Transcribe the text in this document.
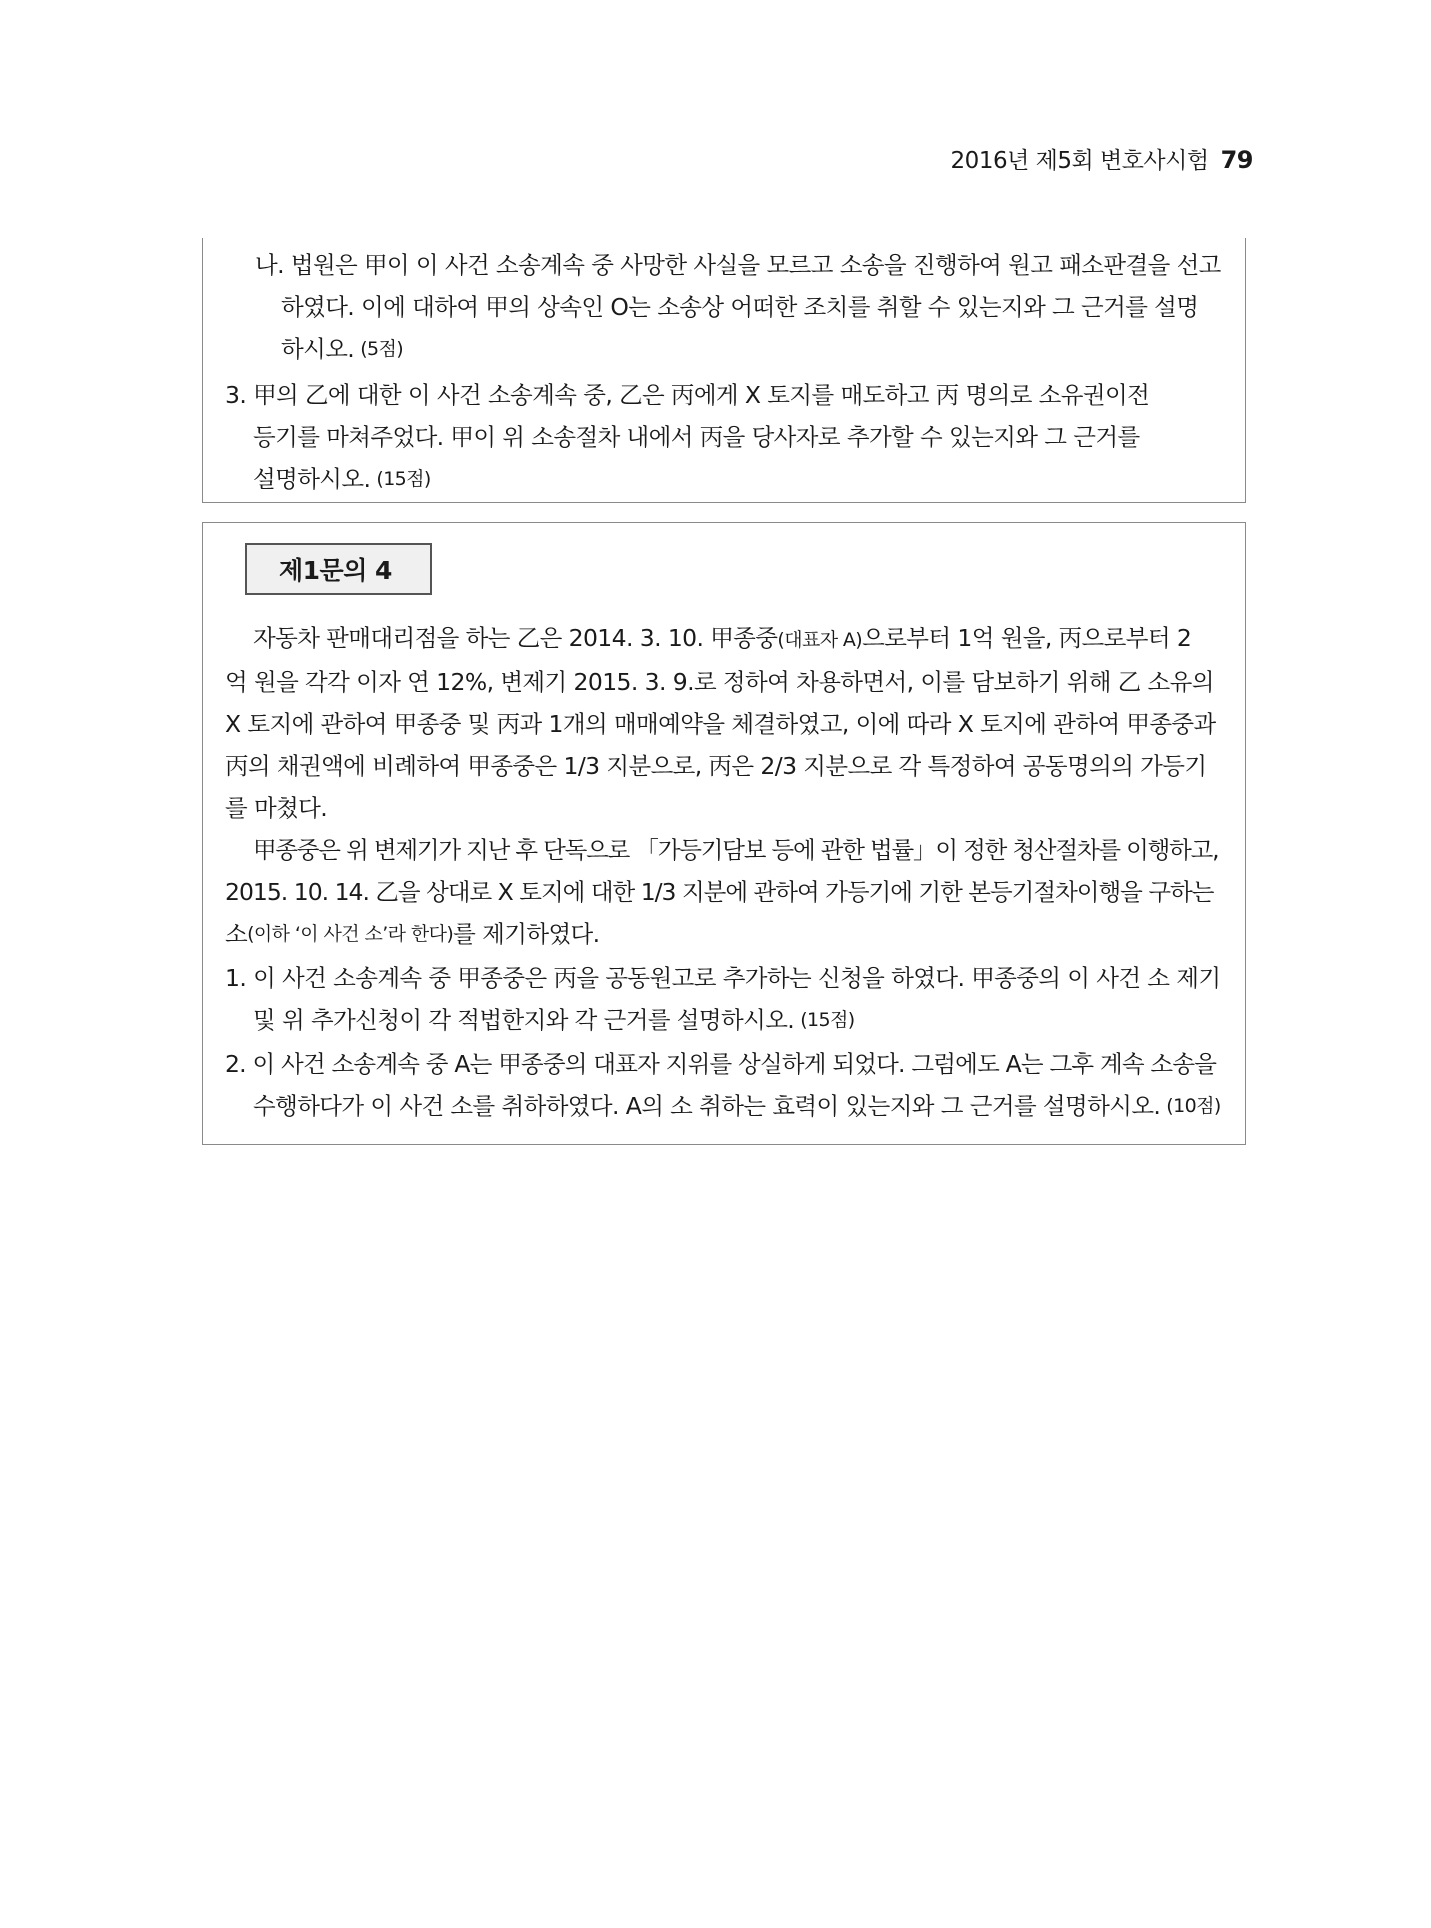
2016년 제5회 변호사시험 79
나. 법원은 甲이 이 사건 소송계속 중 사망한 사실을 모르고 소송을 진행하여 원고 패소판결을 선고
하였다. 이에 대하여 甲의 상속인 O는 소송상 어떠한 조치를 취할 수 있는지와 그 근거를 설명
하시오. (5점)
3. 甲의 乙에 대한 이 사건 소송계속 중, 乙은 丙에게 X 토지를 매도하고 丙 명의로 소유권이전
등기를 마쳐주었다. 甲이 위 소송절차 내에서 丙을 당사자로 추가할 수 있는지와 그 근거를
설명하시오. (15점)
제1문의 4
자동차 판매대리점을 하는 乙은 2014. 3. 10. 甲종중(대표자 A)으로부터 1억 원을, 丙으로부터 2
억 원을 각각 이자 연 12%, 변제기 2015. 3. 9.로 정하여 차용하면서, 이를 담보하기 위해 乙 소유의
X 토지에 관하여 甲종중 및 丙과 1개의 매매예약을 체결하였고, 이에 따라 X 토지에 관하여 甲종중과
丙의 채권액에 비례하여 甲종중은 1/3 지분으로, 丙은 2/3 지분으로 각 특정하여 공동명의의 가등기
를 마쳤다.
甲종중은 위 변제기가 지난 후 단독으로 「가등기담보 등에 관한 법률」이 정한 청산절차를 이행하고,
2015. 10. 14. 乙을 상대로 X 토지에 대한 1/3 지분에 관하여 가등기에 기한 본등기절차이행을 구하는
소 (이하 ‘이 사건 소’라 한다) 를 제기하였다.
1. 이 사건 소송계속 중 甲종중은 丙을 공동원고로 추가하는 신청을 하였다. 甲종중의 이 사건 소 제기
및 위 추가신청이 각 적법한지와 각 근거를 설명하시오. (15점)
2. 이 사건 소송계속 중 A는 甲종중의 대표자 지위를 상실하게 되었다. 그럼에도 A는 그후 계속 소송을
수행하다가 이 사건 소를 취하하였다. A의 소 취하는 효력이 있는지와 그 근거를 설명하시오. (10점)
